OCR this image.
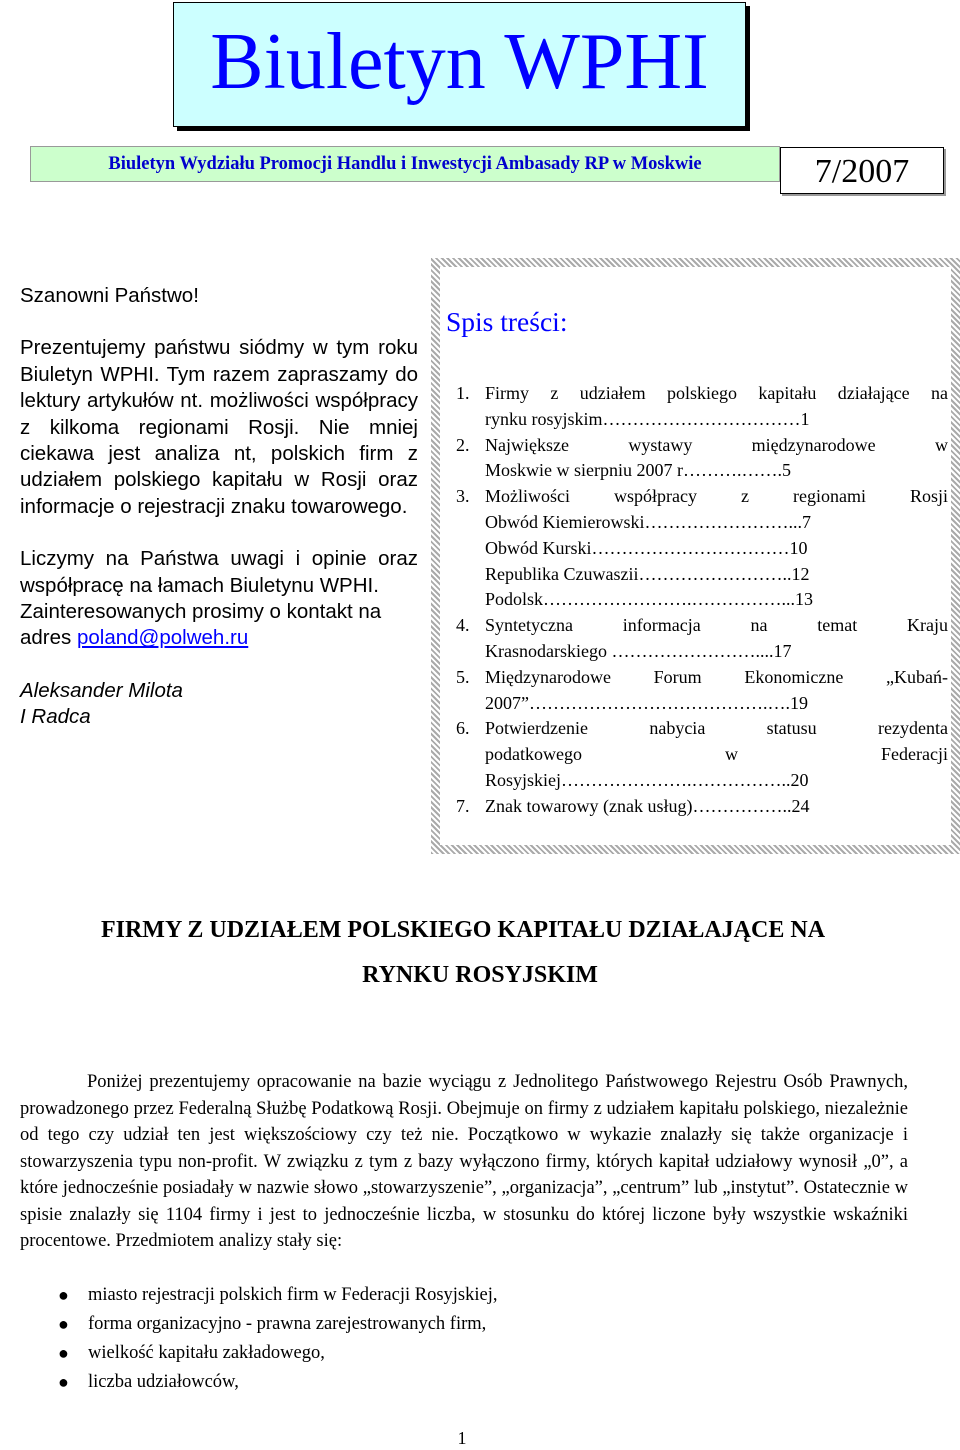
Biuletyn WPHI
Biuletyn Wydziału Promocji Handlu i Inwestycji Ambasady RP w Moskwie	7/2007

Szanowni Państwo!

Prezentujemy państwu siódmy w tym roku Biuletyn WPHI. Tym razem zapraszamy do lektury artykułów nt. możliwości współpracy z kilkoma regionami Rosji. Nie mniej ciekawa jest analiza nt, polskich firm z udziałem polskiego kapitału w Rosji oraz informacje o rejestracji znaku towarowego.

Liczymy na Państwa uwagi i opinie oraz współpracę na łamach Biuletynu WPHI.

Zainteresowanych prosimy o kontakt na
adres poland@polweh.ru

Aleksander Milota

I Radca

Spis treści:
1. Firmy z udziałem polskiego kapitału działające na
rynku rosyjskim……………………………1
2. Największe wystawy międzynarodowe w
Moskwie w sierpniu 2007 r……….…….5
3. Możliwości współpracy z regionami Rosji
Obwód Kiemierowski……………………...7
Obwód Kurski……………………………10
Republika Czuwaszii……………………..12
Podolsk…………………….……………...13
4. Syntetyczna informacja na temat Kraju
Krasnodarskiego ……………………....17
5. Międzynarodowe Forum Ekonomiczne „Kubań-
2007”………………………………….….19
6. Potwierdzenie nabycia statusu rezydenta
podatkowego w Federacji
Rosyjskiej………………….……………..20
7. Znak towarowy (znak usług)……………..24
FIRMY Z UDZIAŁEM POLSKIEGO KAPITAŁU DZIAŁAJĄCE NA
RYNKU ROSYJSKIM

Poniżej prezentujemy opracowanie na bazie wyciągu z Jednolitego Państwowego Rejestru Osób Prawnych, prowadzonego przez Federalną Służbę Podatkową Rosji. Obejmuje on firmy z udziałem kapitału polskiego, niezależnie od tego czy udział ten jest większościowy czy też nie. Początkowo w wykazie znalazły się także organizacje i stowarzyszenia typu non-profit. W związku z tym z bazy wyłączono firmy, których kapitał udziałowy wynosił „0”, a które jednocześnie posiadały w nazwie słowo „stowarzyszenie”, „organizacja”, „centrum” lub „instytut”. Ostatecznie w spisie znalazły się 1104 firmy i jest to jednocześnie liczba, w stosunku do której liczone były wszystkie wskaźniki procentowe. Przedmiotem analizy stały się:

●	miasto rejestracji polskich firm w Federacji Rosyjskiej,
●	forma organizacyjno - prawna zarejestrowanych firm,
●	wielkość kapitału zakładowego,
●	liczba udziałowców,
1
